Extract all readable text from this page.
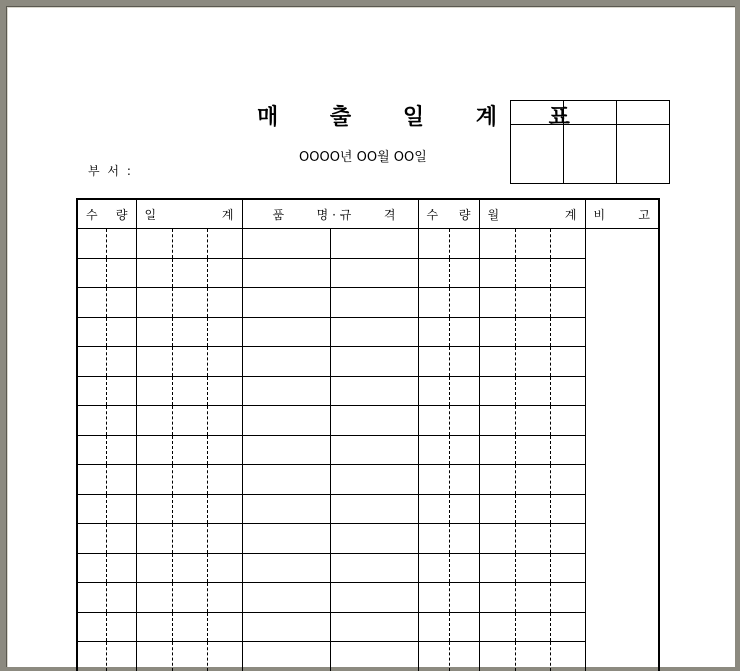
매 출 일 계 표
OOOO년 OO월 OO일
부 서 :

수 량		일 계			품 명 · 규 격		수 량		월 계			비 고
